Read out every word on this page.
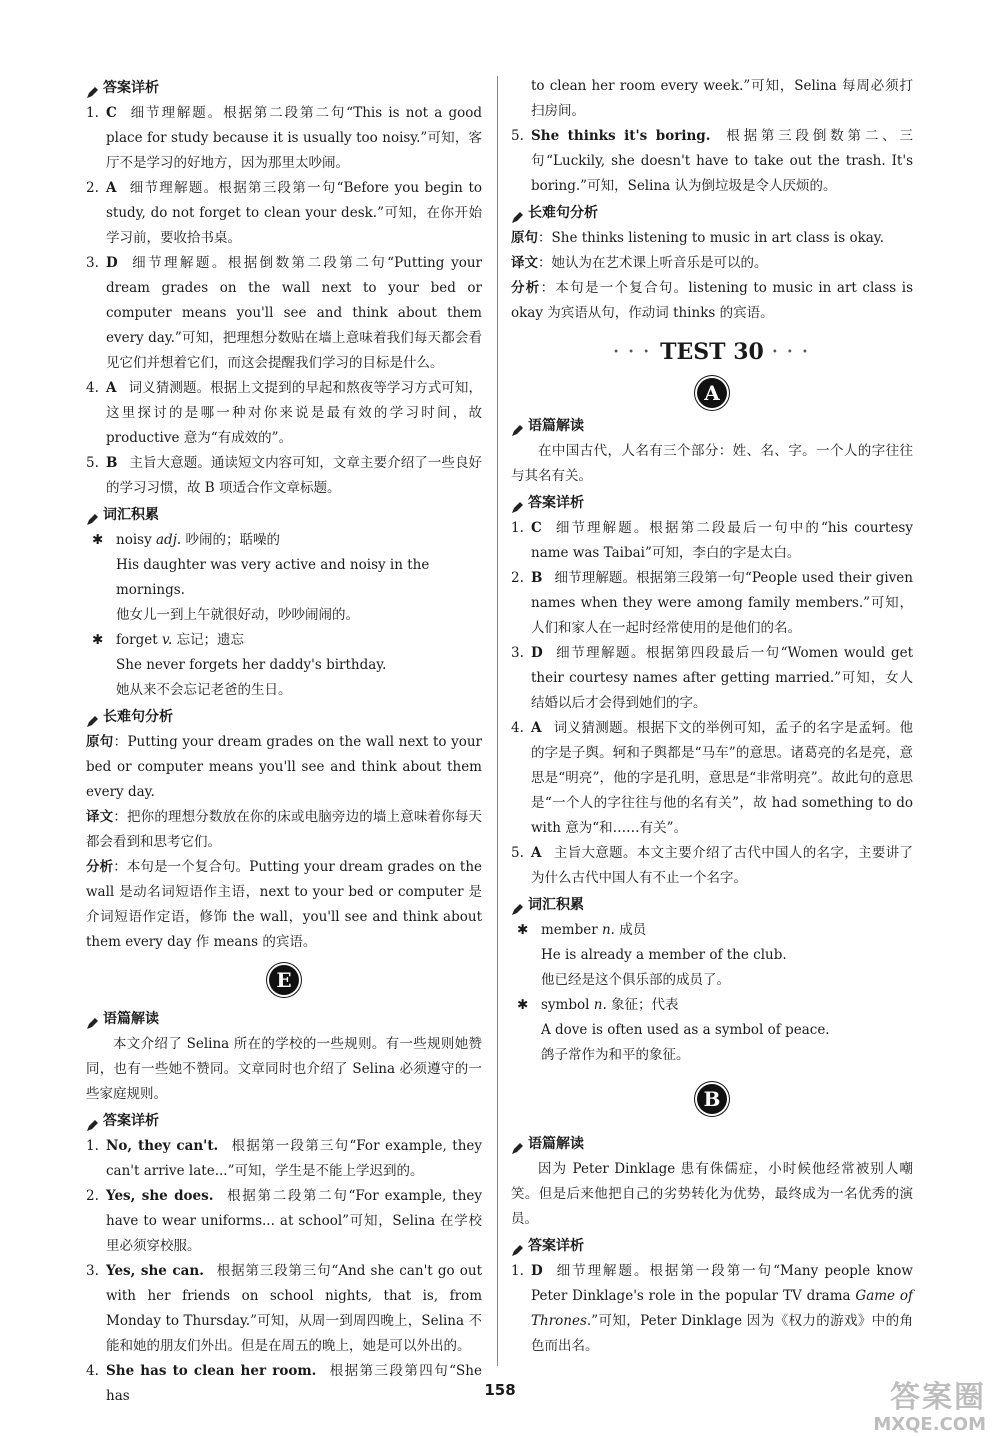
答案详析
1. C 细节理解题。根据第二段第二句“This is not a good place for study because it is usually too noisy.”可知，客厅不是学习的好地方，因为那里太吵闹。
2. A 细节理解题。根据第三段第一句“Before you begin to study, do not forget to clean your desk.”可知，在你开始学习前，要收拾书桌。
3. D 细节理解题。根据倒数第二段第二句“Putting your dream grades on the wall next to your bed or computer means you'll see and think about them every day.”可知，把理想分数贴在墙上意味着我们每天都会看见它们并想着它们，而这会提醒我们学习的目标是什么。
4. A 词义猜测题。根据上文提到的早起和熬夜等学习方式可知，这里探讨的是哪一种对你来说是最有效的学习时间，故 productive 意为“有成效的”。
5. B 主旨大意题。通读短文内容可知，文章主要介绍了一些良好的学习习惯，故 B 项适合作文章标题。
词汇积累
✱ noisy adj. 吵闹的；聒噪的
His daughter was very active and noisy in the mornings.
他女儿一到上午就很好动，吵吵闹闹的。
✱ forget v. 忘记；遗忘
She never forgets her daddy's birthday.
她从来不会忘记老爸的生日。
长难句分析
原句：Putting your dream grades on the wall next to your bed or computer means you'll see and think about them every day.
译文：把你的理想分数放在你的床或电脑旁边的墙上意味着你每天都会看到和思考它们。
分析：本句是一个复合句。Putting your dream grades on the wall 是动名词短语作主语，next to your bed or computer 是介词短语作定语，修饰 the wall，you'll see and think about them every day 作 means 的宾语。
E
语篇解读
本文介绍了 Selina 所在的学校的一些规则。有一些规则她赞同，也有一些她不赞同。文章同时也介绍了 Selina 必须遵守的一些家庭规则。
答案详析
1. No, they can't. 根据第一段第三句“For example, they can't arrive late...”可知，学生是不能上学迟到的。
2. Yes, she does. 根据第二段第二句“For example, they have to wear uniforms... at school”可知，Selina 在学校里必须穿校服。
3. Yes, she can. 根据第三段第三句“And she can't go out with her friends on school nights, that is, from Monday to Thursday.”可知，从周一到周四晚上，Selina 不能和她的朋友们外出。但是在周五的晚上，她是可以外出的。
4. She has to clean her room. 根据第三段第四句“She has
to clean her room every week.”可知，Selina 每周必须打扫房间。
5. She thinks it's boring. 根据第三段倒数第二、三句“Luckily, she doesn't have to take out the trash. It's boring.”可知，Selina 认为倒垃圾是令人厌烦的。
长难句分析
原句：She thinks listening to music in art class is okay.
译文：她认为在艺术课上听音乐是可以的。
分析：本句是一个复合句。listening to music in art class is okay 为宾语从句，作动词 thinks 的宾语。
• • • TEST 30 • • •
A
语篇解读
在中国古代，人名有三个部分：姓、名、字。一个人的字往往与其名有关。
答案详析
1. C 细节理解题。根据第二段最后一句中的“his courtesy name was Taibai”可知，李白的字是太白。
2. B 细节理解题。根据第三段第一句“People used their given names when they were among family members.”可知，人们和家人在一起时经常使用的是他们的名。
3. D 细节理解题。根据第四段最后一句“Women would get their courtesy names after getting married.”可知，女人结婚以后才会得到她们的字。
4. A 词义猜测题。根据下文的举例可知，孟子的名字是孟轲。他的字是子舆。轲和子舆都是“马车”的意思。诸葛亮的名是亮，意思是“明亮”，他的字是孔明，意思是“非常明亮”。故此句的意思是“一个人的字往往与他的名有关”，故 had something to do with 意为“和……有关”。
5. A 主旨大意题。本文主要介绍了古代中国人的名字，主要讲了为什么古代中国人有不止一个名字。
词汇积累
✱ member n. 成员
He is already a member of the club.
他已经是这个俱乐部的成员了。
✱ symbol n. 象征；代表
A dove is often used as a symbol of peace.
鸽子常作为和平的象征。
B
语篇解读
因为 Peter Dinklage 患有侏儒症，小时候他经常被别人嘲笑。但是后来他把自己的劣势转化为优势，最终成为一名优秀的演员。
答案详析
1. D 细节理解题。根据第一段第一句“Many people know Peter Dinklage's role in the popular TV drama Game of Thrones.”可知，Peter Dinklage 因为《权力的游戏》中的角色而出名。
158	答案圈
MXQE.COM
